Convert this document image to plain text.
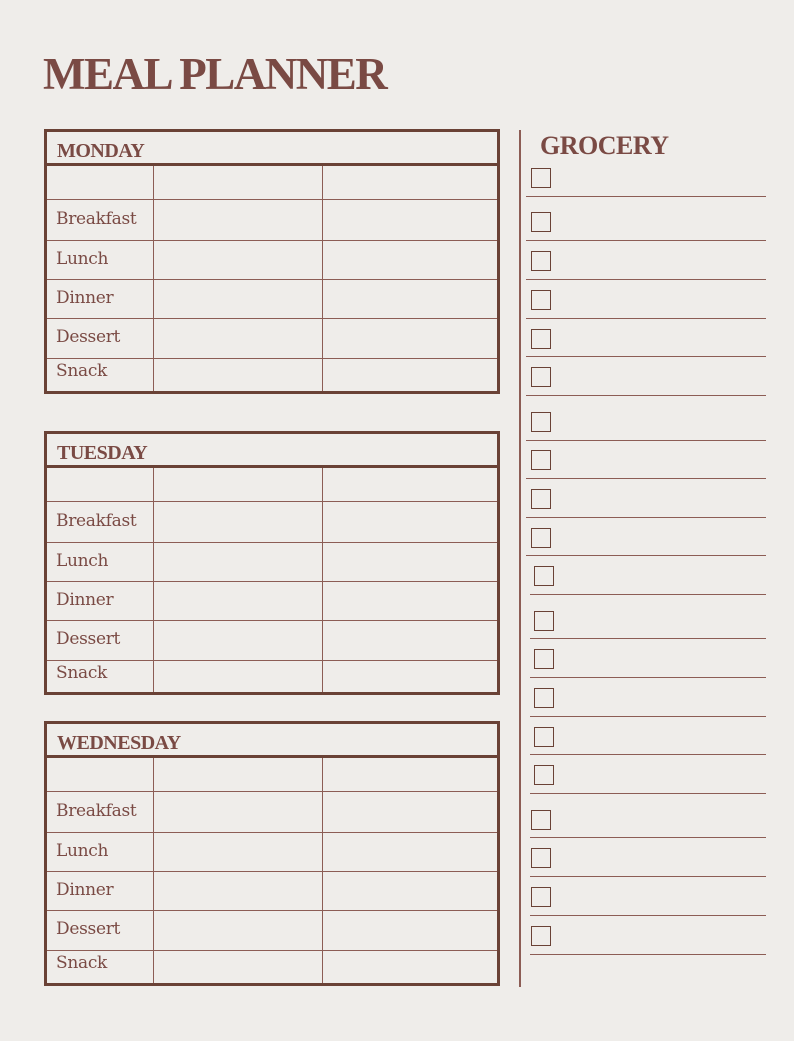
MEAL PLANNER
MONDAY
Breakfast
Lunch
Dinner
Dessert
Snack
TUESDAY
Breakfast
Lunch
Dinner
Dessert
Snack
WEDNESDAY
Breakfast
Lunch
Dinner
Dessert
Snack
GROCERY
